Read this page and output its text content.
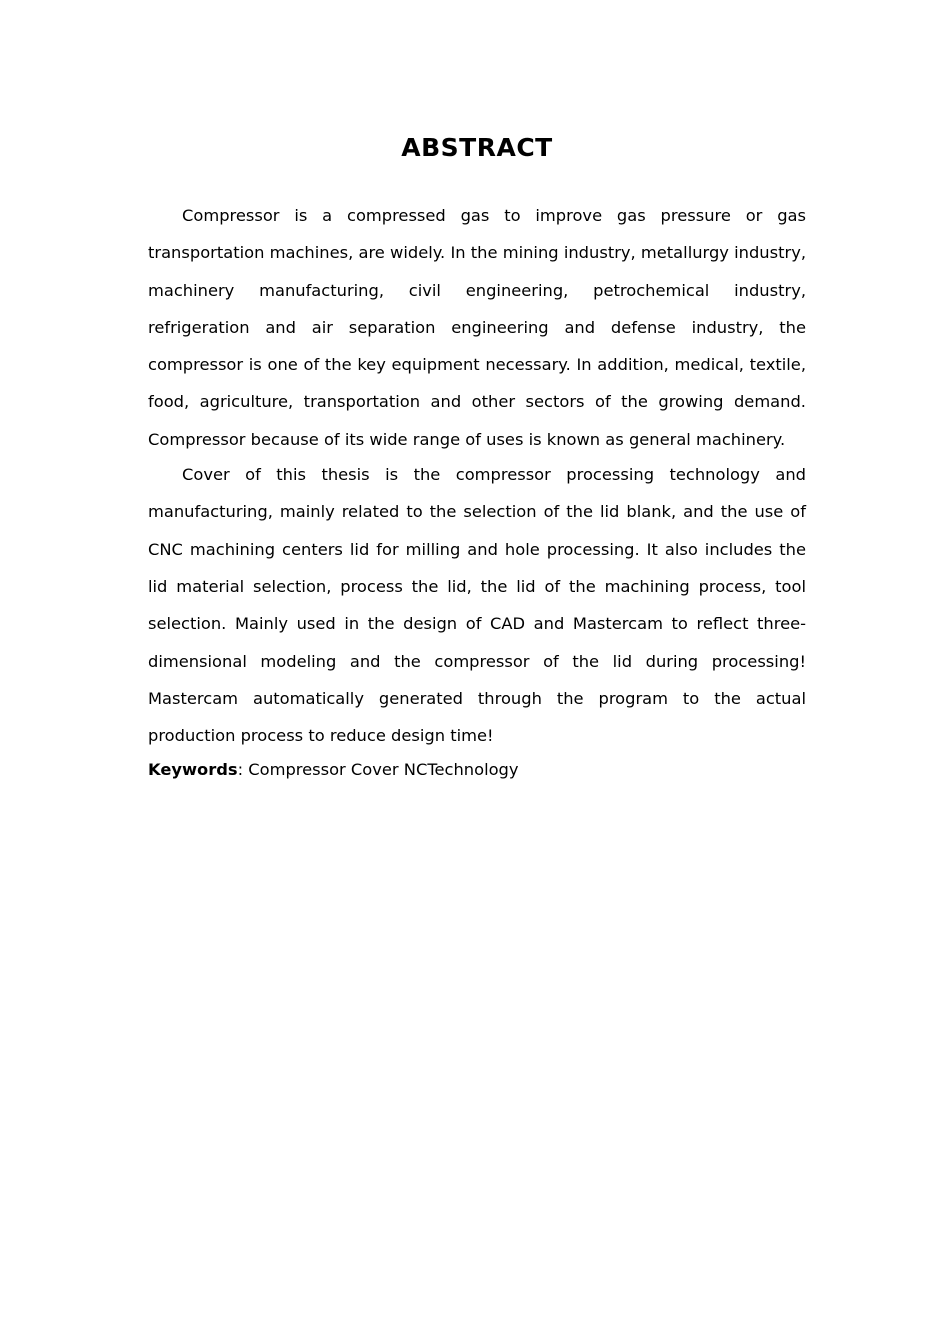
ABSTRACT

Compressor is a compressed gas to improve gas pressure or gas transportation machines, are widely. In the mining industry, metallurgy industry, machinery manufacturing, civil engineering, petrochemical industry, refrigeration and air separation engineering and defense industry, the compressor is one of the key equipment necessary. In addition, medical, textile, food, agriculture, transportation and other sectors of the growing demand. Compressor because of its wide range of uses is known as general machinery.

Cover of this thesis is the compressor processing technology and manufacturing, mainly related to the selection of the lid blank, and the use of CNC machining centers lid for milling and hole processing. It also includes the lid material selection, process the lid, the lid of the machining process, tool selection. Mainly used in the design of CAD and Mastercam to reflect three-dimensional modeling and the compressor of the lid during processing! Mastercam automatically generated through the program to the actual production process to reduce design time!

Keywords: Compressor Cover NCTechnology
